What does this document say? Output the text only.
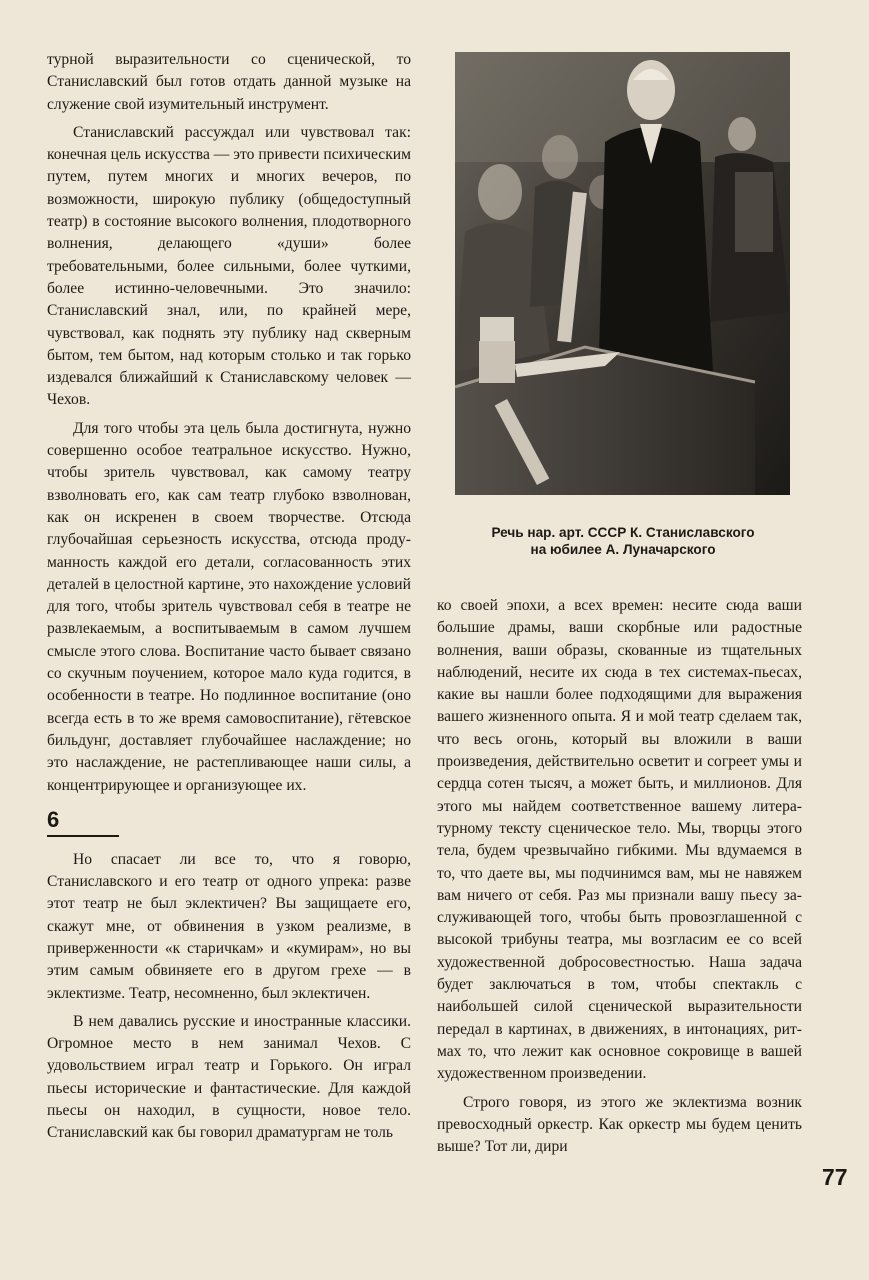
турной выразительности со сценической, то Станиславский был готов отдать данной музыке на служение свой изумительный инструмент.

Станиславский рассуждал или чувствовал так: конечная цель искусства — это привести психическим путем, путем многих и многих вечеров, по возможности, широкую публику (общедоступный театр) в состояние высокого волнения, плодотворного волнения, делающего «души» более требовательными, более сильными, более чуткими, более истинно-человечными. Это значило: Станиславский знал, или, по крайней мере, чувствовал, как поднять эту публику над скверным бытом, тем бытом, над которым столько и так горько издевался ближайший к Станиславскому человек — Чехов.

Для того чтобы эта цель была достигнута, нужно совершенно особое театральное искусство. Нужно, чтобы зритель чувствовал, как самому театру взволновать его, как сам театр глубоко взволнован, как он искренен в своем творчестве. Отсюда глубочайшая серьезность искусства, отсюда продуманность каждой его детали, согласованность этих деталей в целостной картине, это нахождение условий для того, чтобы зритель чувствовал себя в театре не развлекаемым, а воспитываемым в самом лучшем смысле этого слова. Воспитание часто бывает связано со скучным поучением, которое мало куда годится, в особенности в театре. Но подлинное воспитание (оно всегда есть в то же время самовоспитание), гётевское бильдунг, доставляет глубочайшее наслаждение; но это наслаждение, не растепливающее наши силы, а концентрирующее и организующее их.

6

Но спасает ли все то, что я говорю, Станиславского и его театр от одного упрека: разве этот театр не был эклектичен? Вы защищаете его, скажут мне, от обвинения в узком реализме, в приверженности «к старичкам» и «кумирам», но вы этим самым обвиняете его в другом грехе — в эклектизме. Театр, несомненно, был эклектичен.

В нем давались русские и иностранные классики. Огромное место в нем занимал Чехов. С удовольствием играл театр и Горького. Он играл пьесы исторические и фантастические. Для каждой пьесы он находил, в сущности, новое тело. Станиславский как бы говорил драматургам не толь

Речь нар. арт. СССР К. Станиславского
на юбилее А. Луначарского

ко своей эпохи, а всех времен: несите сюда ваши большие драмы, ваши скорбные или радостные волнения, ваши образы, скованные из тщательных наблюдений, несите их сюда в тех системах-пьесах, какие вы нашли более подходящими для выражения вашего жизненного опыта. Я и мой театр сделаем так, что весь огонь, который вы вложили в ваши произведения, действительно осветит и согреет умы и сердца сотен тысяч, а может быть, и миллионов. Для этого мы найдем соответственное вашему литературному тексту сценическое тело. Мы, творцы этого тела, будем чрезвычайно гибкими. Мы вдумаемся в то, что даете вы, мы подчинимся вам, мы не навяжем вам ничего от себя. Раз мы признали вашу пьесу заслуживающей того, чтобы быть провозглашенной с высокой трибуны театра, мы возгласим ее со всей художественной добросовестностью. Наша задача будет заключаться в том, чтобы спектакль с наибольшей силой сценической выразительности передал в картинах, в движениях, в интонациях, ритмах то, что лежит как основное сокровище в вашей художественном произведении.

Строго говоря, из этого же эклектизма возник превосходный оркестр. Как оркестр мы будем ценить выше? Тот ли, дири

77
